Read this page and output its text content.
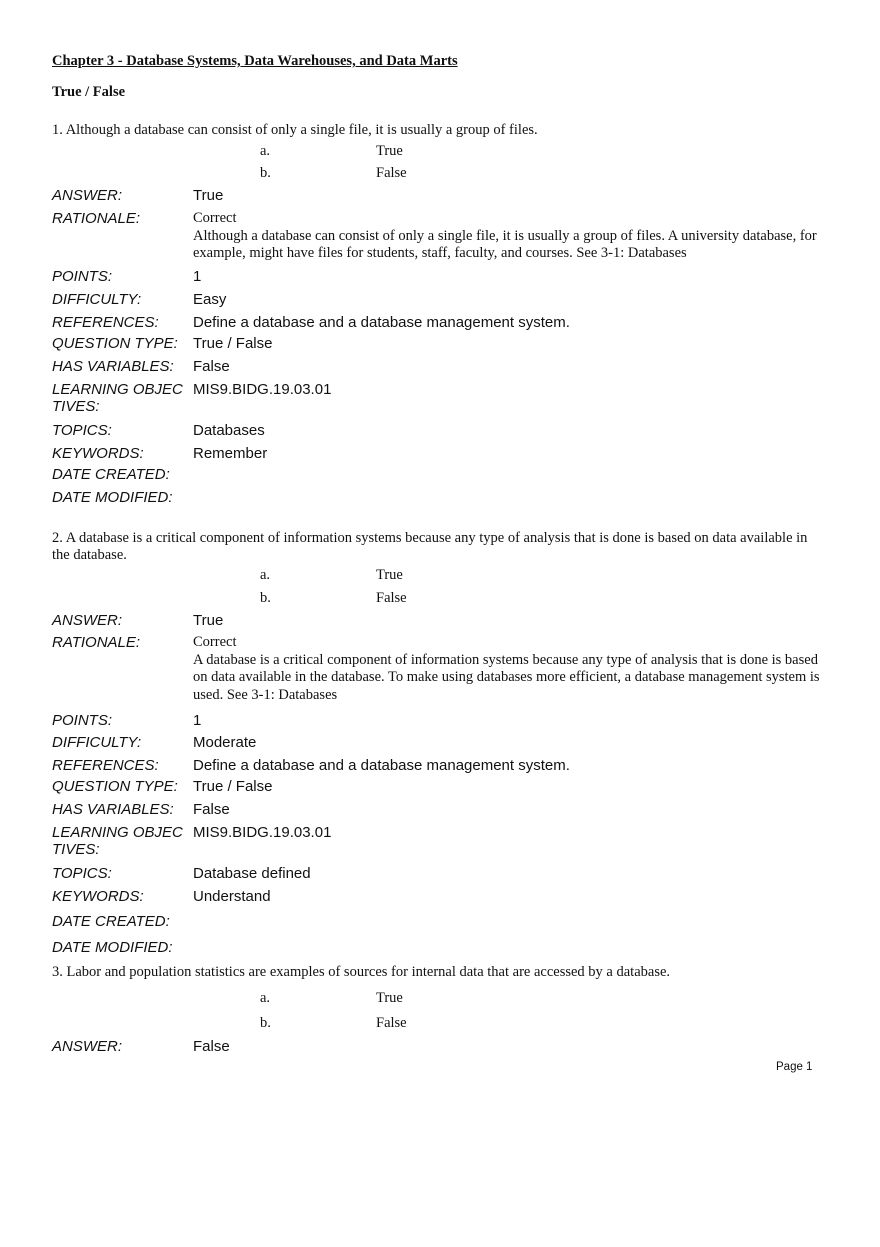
Chapter 3 - Database Systems, Data Warehouses, and Data Marts
True / False
1. Although a database can consist of only a single file, it is usually a group of files.
a.	True
b.	False
ANSWER:	True
RATIONALE:	Correct
Although a database can consist of only a single file, it is usually a group of files. A university database, for example, might have files for students, staff, faculty, and courses. See 3-1: Databases
POINTS:	1
DIFFICULTY:	Easy
REFERENCES: Define a database and a database management system.
QUESTION TYPE: True / False
HAS VARIABLES: False
LEARNING OBJECTIVES:
MIS9.BIDG.19.03.01
TOPICS:	Databases
KEYWORDS:	Remember
DATE CREATED:
DATE MODIFIED:
2. A database is a critical component of information systems because any type of analysis that is done is based on data available in the database.
a.	True
b.	False
ANSWER:	True
RATIONALE:	Correct
A database is a critical component of information systems because any type of analysis that is done is based on data available in the database. To make using databases more efficient, a database management system is used. See 3-1: Databases
POINTS:	1
DIFFICULTY:	Moderate
REFERENCES: Define a database and a database management system.
QUESTION TYPE: True / False
HAS VARIABLES: False
LEARNING OBJECTIVES:
MIS9.BIDG.19.03.01
TOPICS:	Database defined
KEYWORDS:	Understand
DATE CREATED:
DATE MODIFIED:
3. Labor and population statistics are examples of sources for internal data that are accessed by a database.
a.	True
b.	False
ANSWER:	False
Page 1
